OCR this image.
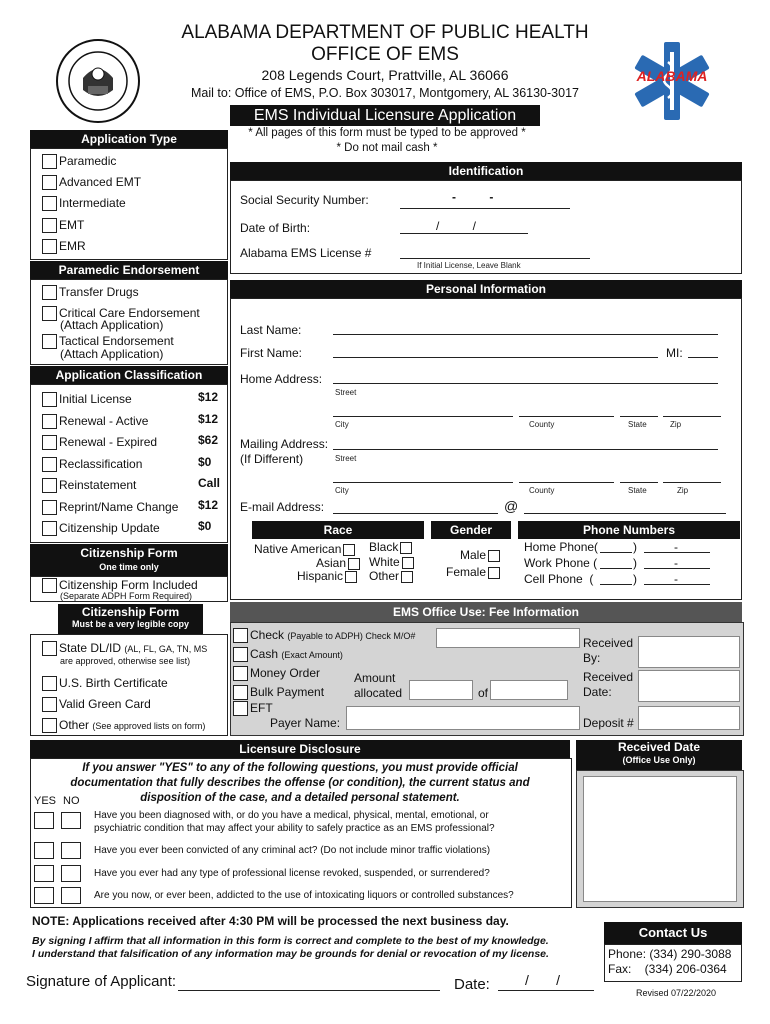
ALABAMA DEPARTMENT OF PUBLIC HEALTH
OFFICE OF EMS
208 Legends Court, Prattville, AL 36066
Mail to: Office of EMS, P.O. Box 303017, Montgomery, AL 36130-3017
ALABAMA
EMS Individual Licensure Application
* All pages of this form must be typed to be approved *
* Do not mail cash *
Application Type
Paramedic
Advanced EMT
Intermediate
EMT
EMR
Paramedic Endorsement
Transfer Drugs
Critical Care Endorsement
(Attach Application)
Tactical Endorsement
(Attach Application)
Application Classification
Initial License	$12
Renewal - Active	$12
Renewal - Expired	$62
Reclassification	$0
Reinstatement	Call
Reprint/Name Change $12
Citizenship Update	$0
Citizenship Form
One time only
Citizenship Form Included
(Separate ADPH Form Required)
Citizenship Form
Must be a very legible copy
State DL/ID (AL, FL, GA, TN, MS
are approved, otherwise see list)
U.S. Birth Certificate
Valid Green Card
Other (See approved lists on form)
Identification
Social Security Number:	-          -
Date of Birth:	/          /
Alabama EMS License #
If Initial License, Leave Blank
Personal Information
Last Name:
First Name:	MI:
Home Address:
Street
City	County	State	Zip
Mailing Address:
(If Different)	Street
City	County	State	Zip
E-mail Address:	@
Race
Native American	Black
Asian	White
Hispanic	Other
Gender
Male
Female
Phone Numbers
Home Phone(	)	-
Work Phone (	)	-
Cell Phone  (	)	-
EMS Office Use: Fee Information
Check (Payable to ADPH) Check M/O#
Cash (Exact Amount)
Money Order
Bulk Payment
EFT
Amount
allocated	of
Payer Name:
Received By:
Received Date:
Deposit #
Licensure Disclosure
If you answer "YES" to any of the following questions, you must provide official
documentation that fully describes the offense (or condition), the current status and
disposition of the case, and a detailed personal statement.
YES NO
Have you been diagnosed with, or do you have a medical, physical, mental, emotional, or
psychiatric condition that may affect your ability to safely practice as an EMS professional?
Have you ever been convicted of any criminal act? (Do not include minor traffic violations)
Have you ever had any type of professional license revoked, suspended, or surrendered?
Are you now, or ever been, addicted to the use of intoxicating liquors or controlled substances?
Received Date
(Office Use Only)
NOTE: Applications received after 4:30 PM will be processed the next business day.
By signing I affirm that all information in this form is correct and complete to the best of my knowledge.
I understand that falsification of any information may be grounds for denial or revocation of my license.
Signature of Applicant:	Date:	/       /
Contact Us
Phone: (334) 290-3088
Fax:    (334) 206-0364
Revised 07/22/2020
